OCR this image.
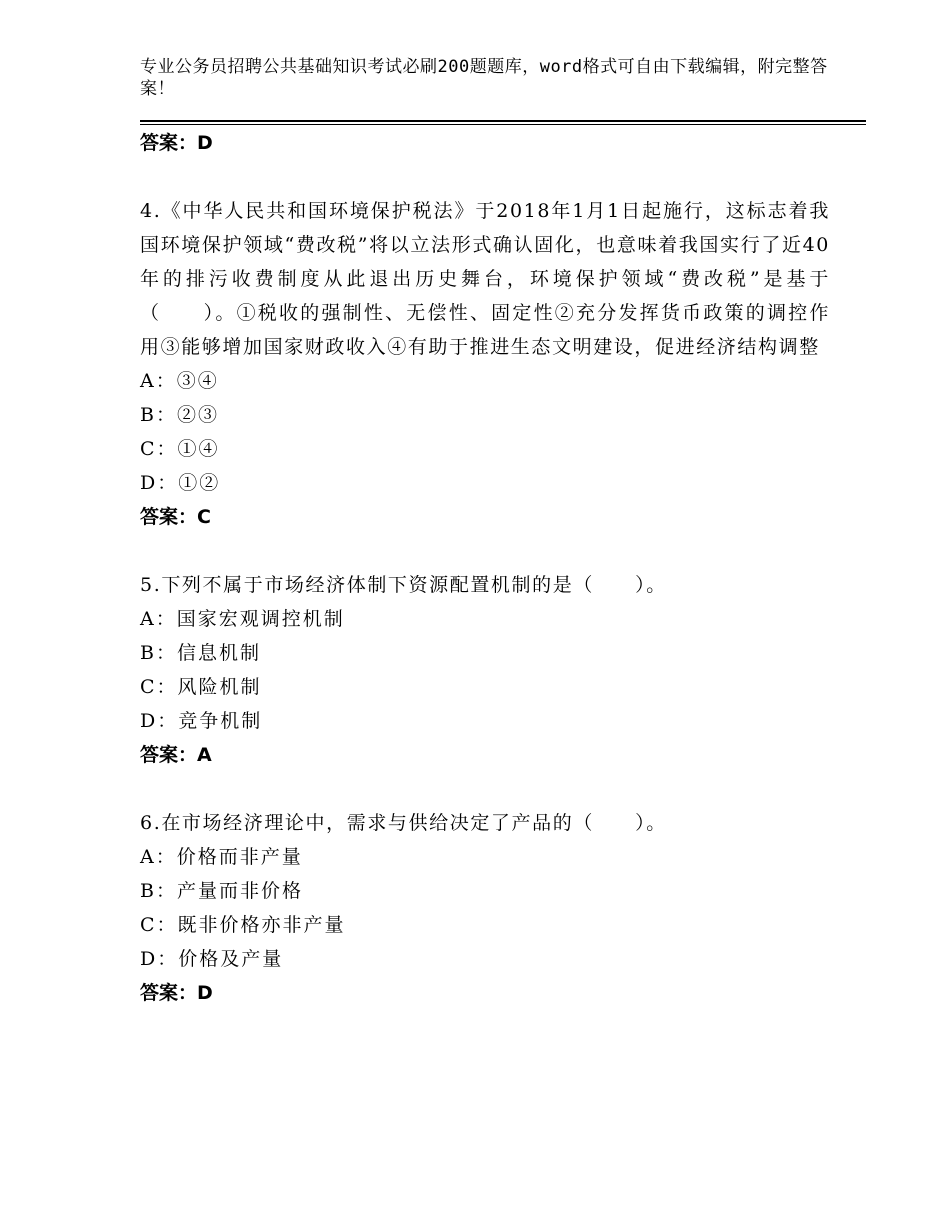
专业公务员招聘公共基础知识考试必刷200题题库，word格式可自由下载编辑，附完整答案！
答案：D

4.《中华人民共和国环境保护税法》于2018年1月1日起施行，这标志着我国环境保护领域“费改税”将以立法形式确认固化，也意味着我国实行了近40年的排污收费制度从此退出历史舞台，环境保护领域“费改税”是基于（　　）。①税收的强制性、无偿性、固定性②充分发挥货币政策的调控作用③能够增加国家财政收入④有助于推进生态文明建设，促进经济结构调整

A：③④
B：②③
C：①④
D：①②
答案：C

5.下列不属于市场经济体制下资源配置机制的是（　　）。

A：国家宏观调控机制
B：信息机制
C：风险机制
D：竞争机制
答案：A

6.在市场经济理论中，需求与供给决定了产品的（　　）。

A：价格而非产量
B：产量而非价格
C：既非价格亦非产量
D：价格及产量
答案：D
